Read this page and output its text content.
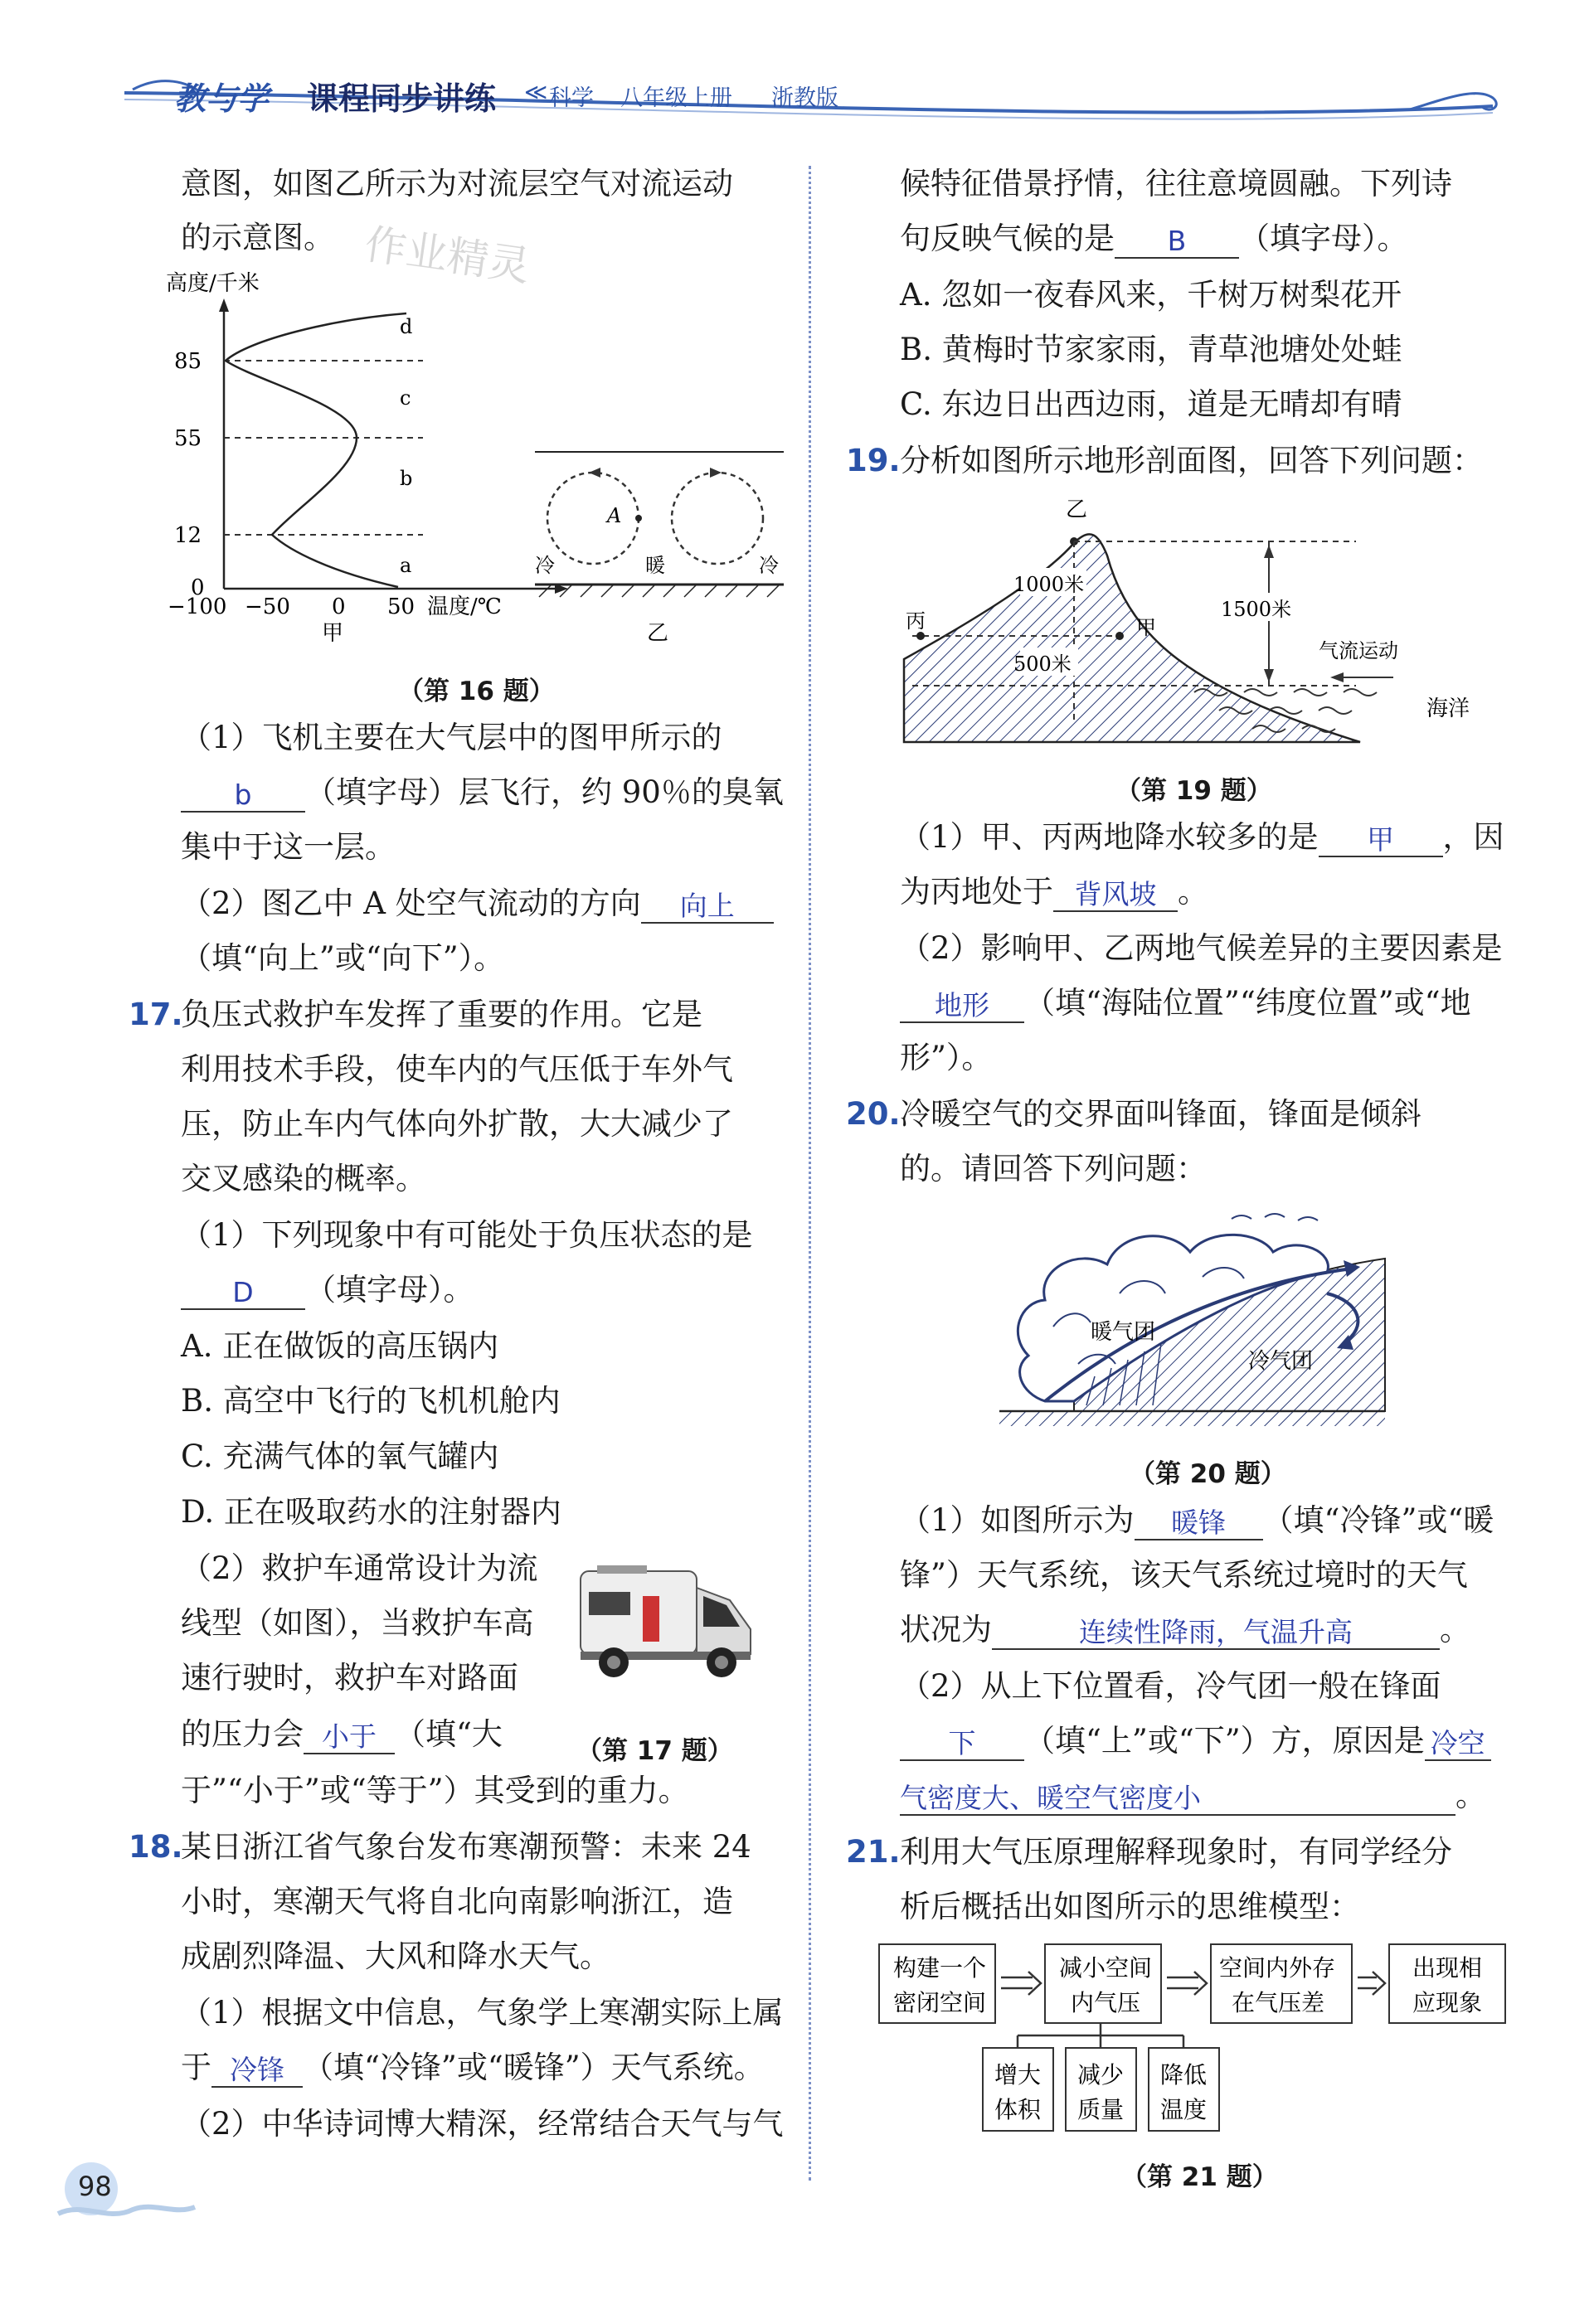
教与学 课程同步讲练 ≪ 科学 八年级上册 浙教版
作业精灵
意图，如图乙所示为对流层空气对流运动
的示意图。
高度/千米
85
55
12
0
−100 −50 0 50 温度/℃
甲
d
c
b
a
A
冷	暖	冷
乙
（第 16 题）
（1）飞机主要在大气层中的图甲所示的
b （填字母）层飞行，约 90％的臭氧
集中于这一层。
（2）图乙中 A 处空气流动的方向 向上
（填“向上”或“向下”）。
17.
负压式救护车发挥了重要的作用。它是
利用技术手段，使车内的气压低于车外气
压，防止车内气体向外扩散，大大减少了
交叉感染的概率。
（1）下列现象中有可能处于负压状态的是
D （填字母）。
A. 正在做饭的高压锅内
B. 高空中飞行的飞机机舱内
C. 充满气体的氧气罐内
D. 正在吸取药水的注射器内
（2）救护车通常设计为流
线型（如图），当救护车高
速行驶时，救护车对路面
的压力会 小于 （填“大
于”“小于”或“等于”）其受到的重力。
（第 17 题）
18.
某日浙江省气象台发布寒潮预警：未来 24
小时，寒潮天气将自北向南影响浙江，造
成剧烈降温、大风和降水天气。
（1）根据文中信息，气象学上寒潮实际上属
于 冷锋 （填“冷锋”或“暖锋”）天气系统。
（2）中华诗词博大精深，经常结合天气与气
98
候特征借景抒情，往往意境圆融。下列诗
句反映气候的是 B （填字母）。
A. 忽如一夜春风来，千树万树梨花开
B. 黄梅时节家家雨，青草池塘处处蛙
C. 东边日出西边雨，道是无晴却有晴
19. 分析如图所示地形剖面图，回答下列问题：
乙
1000米
500米
丙	甲
1500米
气流运动
海洋
（第 19 题）
（1）甲、丙两地降水较多的是 甲 ，因
为丙地处于 背风坡 。
（2）影响甲、乙两地气候差异的主要因素是
地形 （填“海陆位置”“纬度位置”或“地
形”）。
20. 冷暖空气的交界面叫锋面，锋面是倾斜
的。请回答下列问题：
暖气团
冷气团
（第 20 题）
（1）如图所示为 暖锋 （填“冷锋”或“暖
锋”）天气系统，该天气系统过境时的天气
状况为	连续性降雨，气温升高	。
（2）从上下位置看，冷气团一般在锋面
下 （填“上”或“下”）方，原因是 冷空
气密度大、暖空气密度小	。
21. 利用大气压原理解释现象时，有同学经分
析后概括出如图所示的思维模型：
构建一个
密闭空间
减小空间
内气压
空间内外存
在气压差
出现相
应现象
增大
体积
减少
质量
降低
温度
（第 21 题）
